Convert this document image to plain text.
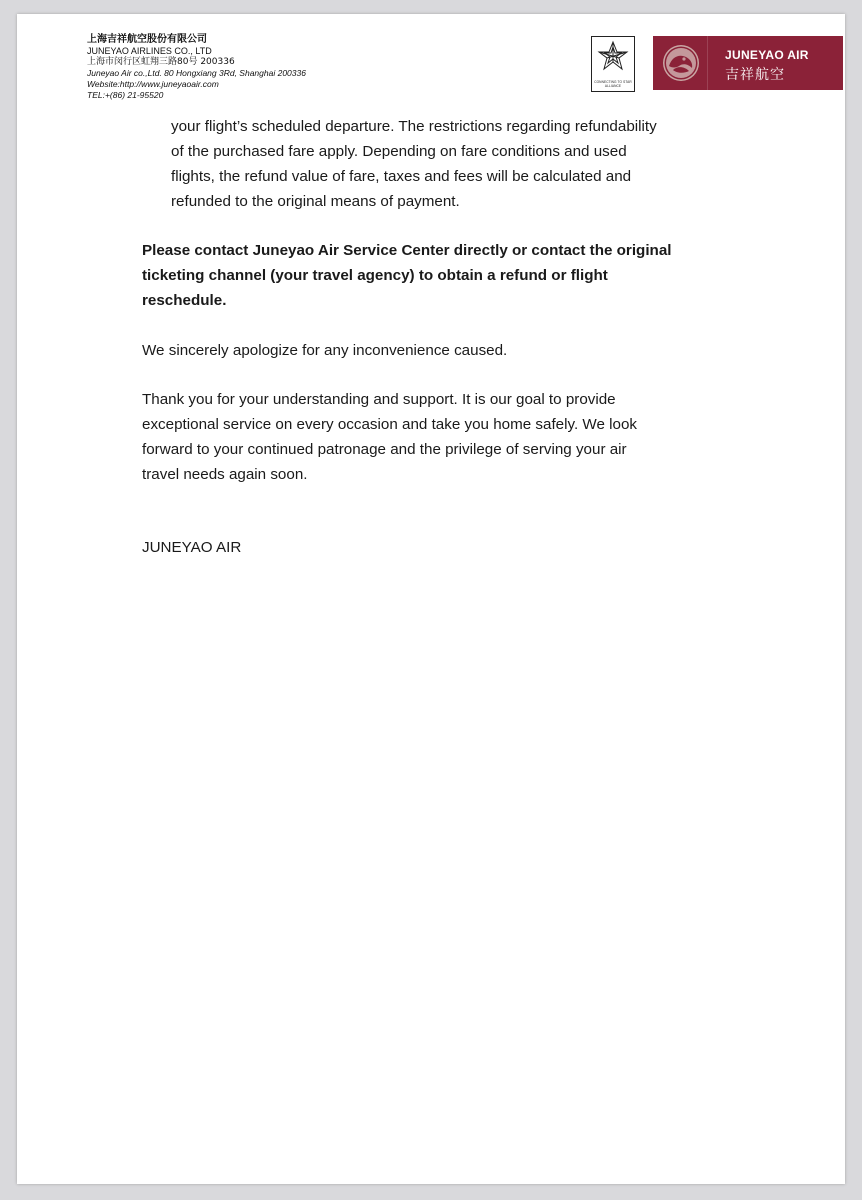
上海吉祥航空股份有限公司
JUNEYAO AIRLINES CO., LTD
上海市闵行区虹翔三路80号 200336
Juneyao Air co.,Ltd. 80 Hongxiang 3Rd, Shanghai 200336
Website:http://www.juneyaoair.com
TEL:+(86) 21-95520
CONNECTING TO STAR ALLIANCE
JUNEYAO AIR
吉祥航空
your flight’s scheduled departure. The restrictions regarding refundability
of the purchased fare apply. Depending on fare conditions and used
flights, the refund value of fare, taxes and fees will be calculated and
refunded to the original means of payment.
Please contact Juneyao Air Service Center directly or contact the original
ticketing channel (your travel agency) to obtain a refund or flight
reschedule.
We sincerely apologize for any inconvenience caused.
Thank you for your understanding and support. It is our goal to provide
exceptional service on every occasion and take you home safely. We look
forward to your continued patronage and the privilege of serving your air
travel needs again soon.
JUNEYAO AIR
